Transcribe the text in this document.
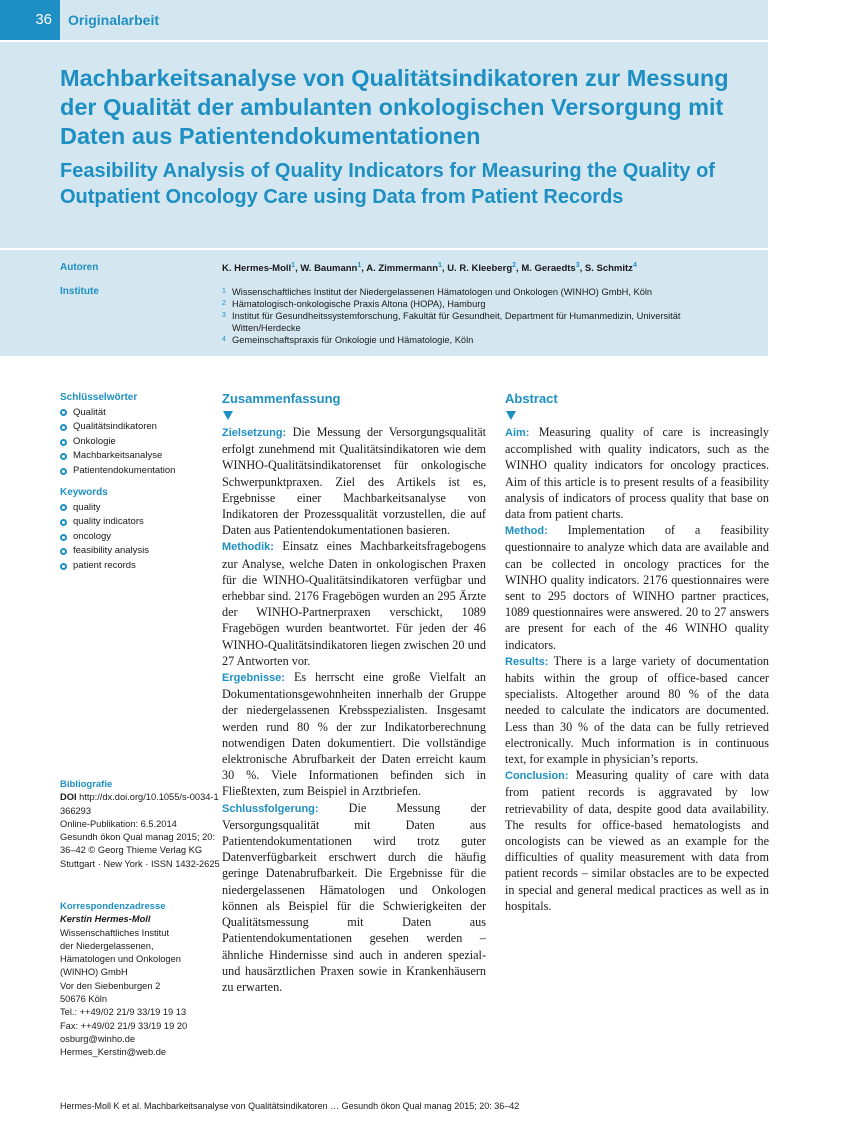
36	Originalarbeit
Machbarkeitsanalyse von Qualitätsindikatoren zur Messung der Qualität der ambulanten onkologischen Versorgung mit Daten aus Patientendokumentationen
Feasibility Analysis of Quality Indicators for Measuring the Quality of Outpatient Oncology Care using Data from Patient Records
Autoren
Institute
K. Hermes-Moll$^1$, W. Baumann$^1$, A. Zimmermann$^1$, U. R. Kleeberg$^2$, M. Geraedts$^3$, S. Schmitz$^4$
1 Wissenschaftliches Institut der Niedergelassenen Hämatologen und Onkologen (WINHO) GmbH, Köln
2 Hämatologisch-onkologische Praxis Altona (HOPA), Hamburg
3 Institut für Gesundheitssystemforschung, Fakultät für Gesundheit, Department für Humanmedizin, Universität Witten/Herdecke
4 Gemeinschaftspraxis für Onkologie und Hämatologie, Köln
Schlüsselwörter
Qualität
Qualitätsindikatoren
Onkologie
Machbarkeitsanalyse
Patientendokumentation
Keywords
quality
quality indicators
oncology
feasibility analysis
patient records
Bibliografie
DOI http://dx.doi.org/10.1055/s-0034-1366293
Online-Publikation: 6.5.2014
Gesundh ökon Qual manag 2015; 20: 36–42 © Georg Thieme Verlag KG Stuttgart · New York · ISSN 1432-2625
Korrespondenzadresse
Kerstin Hermes-Moll
Wissenschaftliches Institut
der Niedergelassenen,
Hämatologen und Onkologen
(WINHO) GmbH
Vor den Siebenburgen 2
50676 Köln
Tel.: ++49/02 21/9 33/19 19 13
Fax: ++49/02 21/9 33/19 19 20
osburg@winho.de
Hermes_Kerstin@web.de
Zusammenfassung

Zielsetzung: Die Messung der Versorgungsqualität erfolgt zunehmend mit Qualitätsindikatoren wie dem WINHO-Qualitätsindikatorenset für onkologische Schwerpunktpraxen. Ziel des Artikels ist es, Ergebnisse einer Machbarkeitsanalyse von Indikatoren der Prozessqualität vorzustellen, die auf Daten aus Patientendokumentationen basieren.

Methodik: Einsatz eines Machbarkeitsfragebogens zur Analyse, welche Daten in onkologischen Praxen für die WINHO-Qualitätsindikatoren verfügbar und erhebbar sind. 2176 Fragebögen wurden an 295 Ärzte der WINHO-Partnerpraxen verschickt, 1089 Fragebögen wurden beantwortet. Für jeden der 46 WINHO-Qualitätsindikatoren liegen zwischen 20 und 27 Antworten vor.

Ergebnisse: Es herrscht eine große Vielfalt an Dokumentationsgewohnheiten innerhalb der Gruppe der niedergelassenen Krebsspezialisten. Insgesamt werden rund 80 % der zur Indikatorberechnung notwendigen Daten dokumentiert. Die vollständige elektronische Abrufbarkeit der Daten erreicht kaum 30 %. Viele Informationen befinden sich in Fließtexten, zum Beispiel in Arztbriefen.

Schlussfolgerung: Die Messung der Versorgungsqualität mit Daten aus Patientendokumentationen wird trotz guter Datenverfügbarkeit erschwert durch die häufig geringe Datenabrufbarkeit. Die Ergebnisse für die niedergelassenen Hämatologen und Onkologen können als Beispiel für die Schwierigkeiten der Qualitätsmessung mit Daten aus Patientendokumentationen gesehen werden – ähnliche Hindernisse sind auch in anderen spezial- und hausärztlichen Praxen sowie in Krankenhäusern zu erwarten.

Abstract

Aim: Measuring quality of care is increasingly accomplished with quality indicators, such as the WINHO quality indicators for oncology practices. Aim of this article is to present results of a feasibility analysis of indicators of process quality that base on data from patient charts.

Method: Implementation of a feasibility questionnaire to analyze which data are available and can be collected in oncology practices for the WINHO quality indicators. 2176 questionnaires were sent to 295 doctors of WINHO partner practices, 1089 questionnaires were answered. 20 to 27 answers are present for each of the 46 WINHO quality indicators.

Results: There is a large variety of documentation habits within the group of office-based cancer specialists. Altogether around 80 % of the data needed to calculate the indicators are documented. Less than 30 % of the data can be fully retrieved electronically. Much information is in continuous text, for example in physician’s reports.

Conclusion: Measuring quality of care with data from patient records is aggravated by low retrievability of data, despite good data availability. The results for office-based hematologists and oncologists can be viewed as an example for the difficulties of quality measurement with data from patient records – similar obstacles are to be expected in special and general medical practices as well as in hospitals.

Hermes-Moll K et al. Machbarkeitsanalyse von Qualitätsindikatoren … Gesundh ökon Qual manag 2015; 20: 36–42
